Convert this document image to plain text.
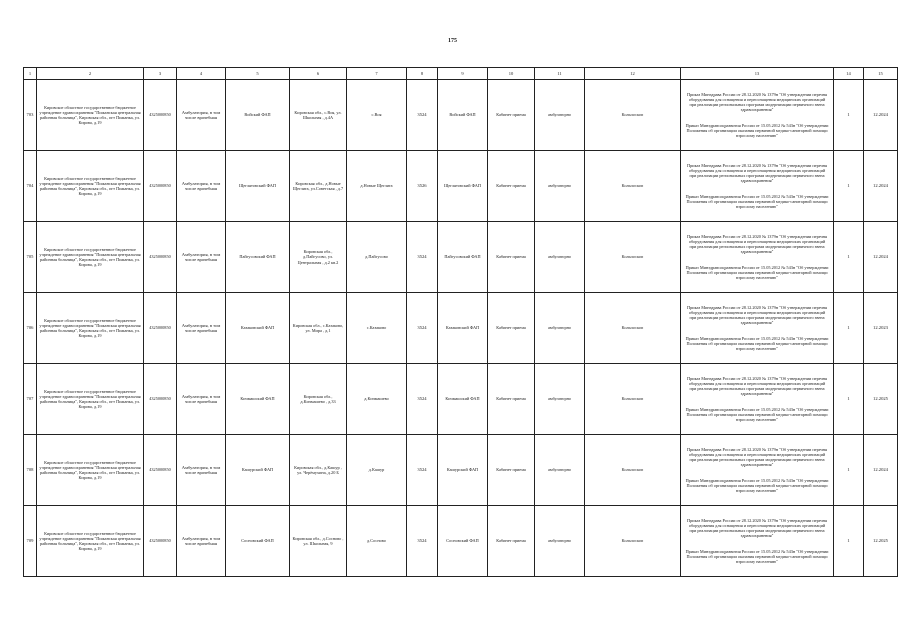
175
1	2	3	4	5	6	7	8	9	10	11	12	13	14	15
703	Кировское областное государственное бюджетное учреждение здравоохранения "Пижанская центральная районная больница", Кировская обл., пгт Пижанка, ул. Кирова, д.19	4325000850	Амбулатория, в том числе врачебная	Войский ФАП	Кировская обл., с.Воя, ул. Школьная , д.4А	с.Воя	3524	Войский ФАП	Кабинет приема	амбулаторно	Кольпоскоп	Приказ Минздрава России от 28.12.2020 № 1379н "Об утверждении перечня оборудования для оснащения и переоснащения медицинских организаций при реализации региональных программ модернизации первичного звена здравоохранения"
Приказ Минздравсоцразвития России от 15.05.2012 № 543н "Об утверждении Положения об организации оказания первичной медико-санитарной помощи взрослому населению"	1	12.2024
704	Кировское областное государственное бюджетное учреждение здравоохранения "Пижанская центральная районная больница", Кировская обл., пгт Пижанка, ул. Кирова, д.19	4325000850	Амбулатория, в том числе врачебная	Щеглятовский ФАП	Кировская обл., д.Новые Щеглята, ул.Советская , д.7	д.Новые Щеглята	3526	Щеглятовский ФАП	Кабинет приема	амбулаторно	Кольпоскоп	Приказ Минздрава России от 28.12.2020 № 1379н "Об утверждении перечня оборудования для оснащения и переоснащения медицинских организаций при реализации региональных программ модернизации первичного звена здравоохранения"
Приказ Минздравсоцразвития России от 15.05.2012 № 543н "Об утверждении Положения об организации оказания первичной медико-санитарной помощи взрослому населению"	1	12.2024
705	Кировское областное государственное бюджетное учреждение здравоохранения "Пижанская центральная районная больница", Кировская обл., пгт Пижанка, ул. Кирова, д.19	4325000850	Амбулатория, в том числе врачебная	Пайгусовский ФАП	Кировская обл., д.Пайгусово, ул. Центральная , д.2 кв.2	д.Пайгусово	3524	Пайгусовский ФАП	Кабинет приема	амбулаторно	Кольпоскоп	Приказ Минздрава России от 28.12.2020 № 1379н "Об утверждении перечня оборудования для оснащения и переоснащения медицинских организаций при реализации региональных программ модернизации первичного звена здравоохранения"
Приказ Минздравсоцразвития России от 15.05.2012 № 543н "Об утверждении Положения об организации оказания первичной медико-санитарной помощи взрослому населению"	1	12.2024
706	Кировское областное государственное бюджетное учреждение здравоохранения "Пижанская центральная районная больница", Кировская обл., пгт Пижанка, ул. Кирова, д.19	4325000850	Амбулатория, в том числе врачебная	Казаковский ФАП	Кировская обл., с.Казаково, ул. Мира , д.1	с.Казаково	3524	Казаковский ФАП	Кабинет приема	амбулаторно	Кольпоскоп	Приказ Минздрава России от 28.12.2020 № 1379н "Об утверждении перечня оборудования для оснащения и переоснащения медицинских организаций при реализации региональных программ модернизации первичного звена здравоохранения"
Приказ Минздравсоцразвития России от 15.05.2012 № 543н "Об утверждении Положения об организации оказания первичной медико-санитарной помощи взрослому населению"	1	12.2023
707	Кировское областное государственное бюджетное учреждение здравоохранения "Пижанская центральная районная больница", Кировская обл., пгт Пижанка, ул. Кирова, д.19	4325000850	Амбулатория, в том числе врачебная	Кичмашский ФАП	Кировская обл., д.Кичмашево , д.33	д.Кичмашево	3524	Кичмашский ФАП	Кабинет приема	амбулаторно	Кольпоскоп	Приказ Минздрава России от 28.12.2020 № 1379н "Об утверждении перечня оборудования для оснащения и переоснащения медицинских организаций при реализации региональных программ модернизации первичного звена здравоохранения"
Приказ Минздравсоцразвития России от 15.05.2012 № 543н "Об утверждении Положения об организации оказания первичной медико-санитарной помощи взрослому населению"	1	12.2025
708	Кировское областное государственное бюджетное учреждение здравоохранения "Пижанская центральная районная больница", Кировская обл., пгт Пижанка, ул. Кирова, д.19	4325000850	Амбулатория, в том числе врачебная	Кашурский ФАП	Кировская обл., д.Кашур , ул. Черёмухина, д.20 Б	д.Кашур	3524	Кашурский ФАП	Кабинет приема	амбулаторно	Кольпоскоп	Приказ Минздрава России от 28.12.2020 № 1379н "Об утверждении перечня оборудования для оснащения и переоснащения медицинских организаций при реализации региональных программ модернизации первичного звена здравоохранения"
Приказ Минздравсоцразвития России от 15.05.2012 № 543н "Об утверждении Положения об организации оказания первичной медико-санитарной помощи взрослому населению"	1	12.2024
709	Кировское областное государственное бюджетное учреждение здравоохранения "Пижанская центральная районная больница", Кировская обл., пгт Пижанка, ул. Кирова, д.19	4325000850	Амбулатория, в том числе врачебная	Сосновский ФАП	Кировская обл., д.Сосново , ул. Школьная, 9	д.Сосново	3524	Сосновский ФАП	Кабинет приема	амбулаторно	Кольпоскоп	Приказ Минздрава России от 28.12.2020 № 1379н "Об утверждении перечня оборудования для оснащения и переоснащения медицинских организаций при реализации региональных программ модернизации первичного звена здравоохранения"
Приказ Минздравсоцразвития России от 15.05.2012 № 543н "Об утверждении Положения об организации оказания первичной медико-санитарной помощи взрослому населению"	1	12.2025
